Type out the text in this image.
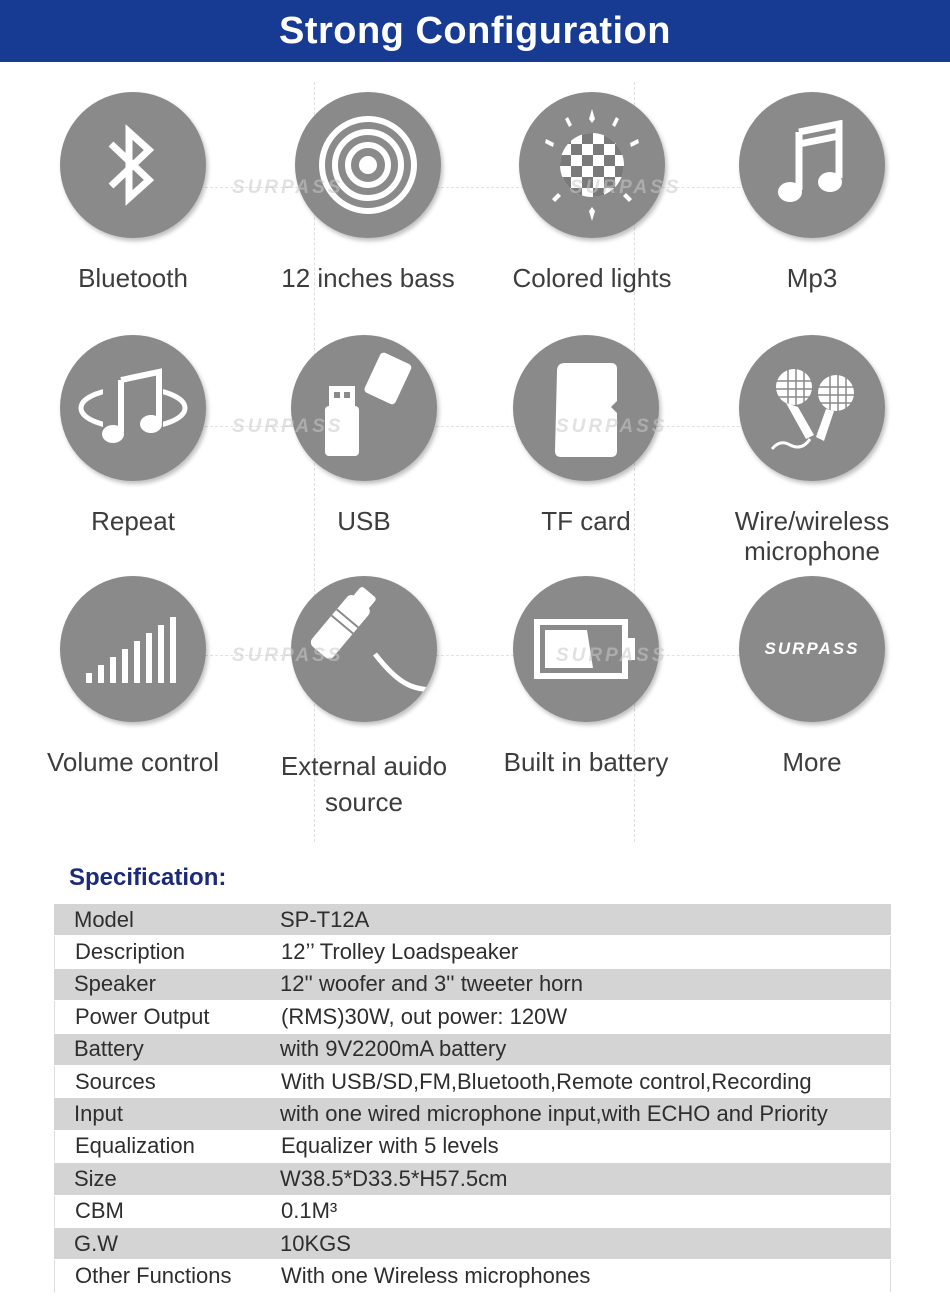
Strong Configuration
Bluetooth	12 inches bass	Colored lights	Mp3
Repeat	USB	TF card	Wire/wireless microphone
Volume control	External auido source
Built in battery
SURPASS
More
SURPASS	SURPASS
SURPASS	SURPASS
SURPASS	SURPASS
Specification:
Model	SP-T12A
Description	12’’ Trolley Loadspeaker
Speaker	12'' woofer and 3'' tweeter horn
Power Output	(RMS)30W, out power: 120W
Battery	with 9V2200mA battery
Sources	With USB/SD,FM,Bluetooth,Remote control,Recording
Input	with one wired microphone input,with ECHO and Priority
Equalization	Equalizer with 5 levels
Size	W38.5*D33.5*H57.5cm
CBM	0.1M³
G.W	10KGS
Other Functions	With one Wireless microphones
